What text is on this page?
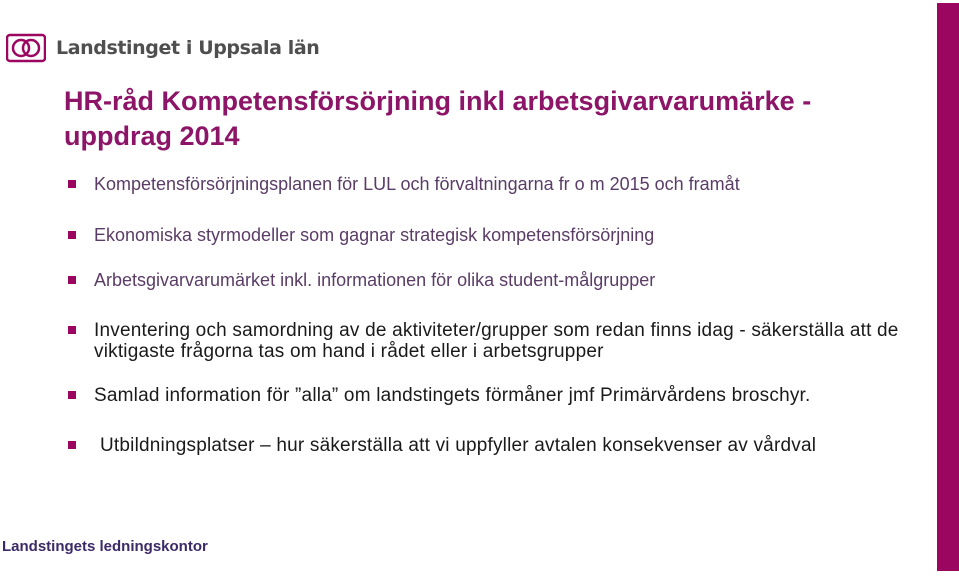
Landstinget i Uppsala län
HR-råd Kompetensförsörjning inkl arbetsgivarvarumärke - uppdrag 2014
Kompetensförsörjningsplanen för LUL och förvaltningarna fr o m 2015 och framåt
Ekonomiska styrmodeller som gagnar strategisk kompetensförsörjning
Arbetsgivarvarumärket inkl. informationen för olika student-målgrupper
Inventering och samordning av de aktiviteter/grupper som redan finns idag - säkerställa att de viktigaste frågorna tas om hand i rådet eller i arbetsgrupper
Samlad information för ”alla” om landstingets förmåner jmf Primärvårdens broschyr.
Utbildningsplatser – hur säkerställa att vi uppfyller avtalen konsekvenser av vårdval

Landstingets ledningskontor
